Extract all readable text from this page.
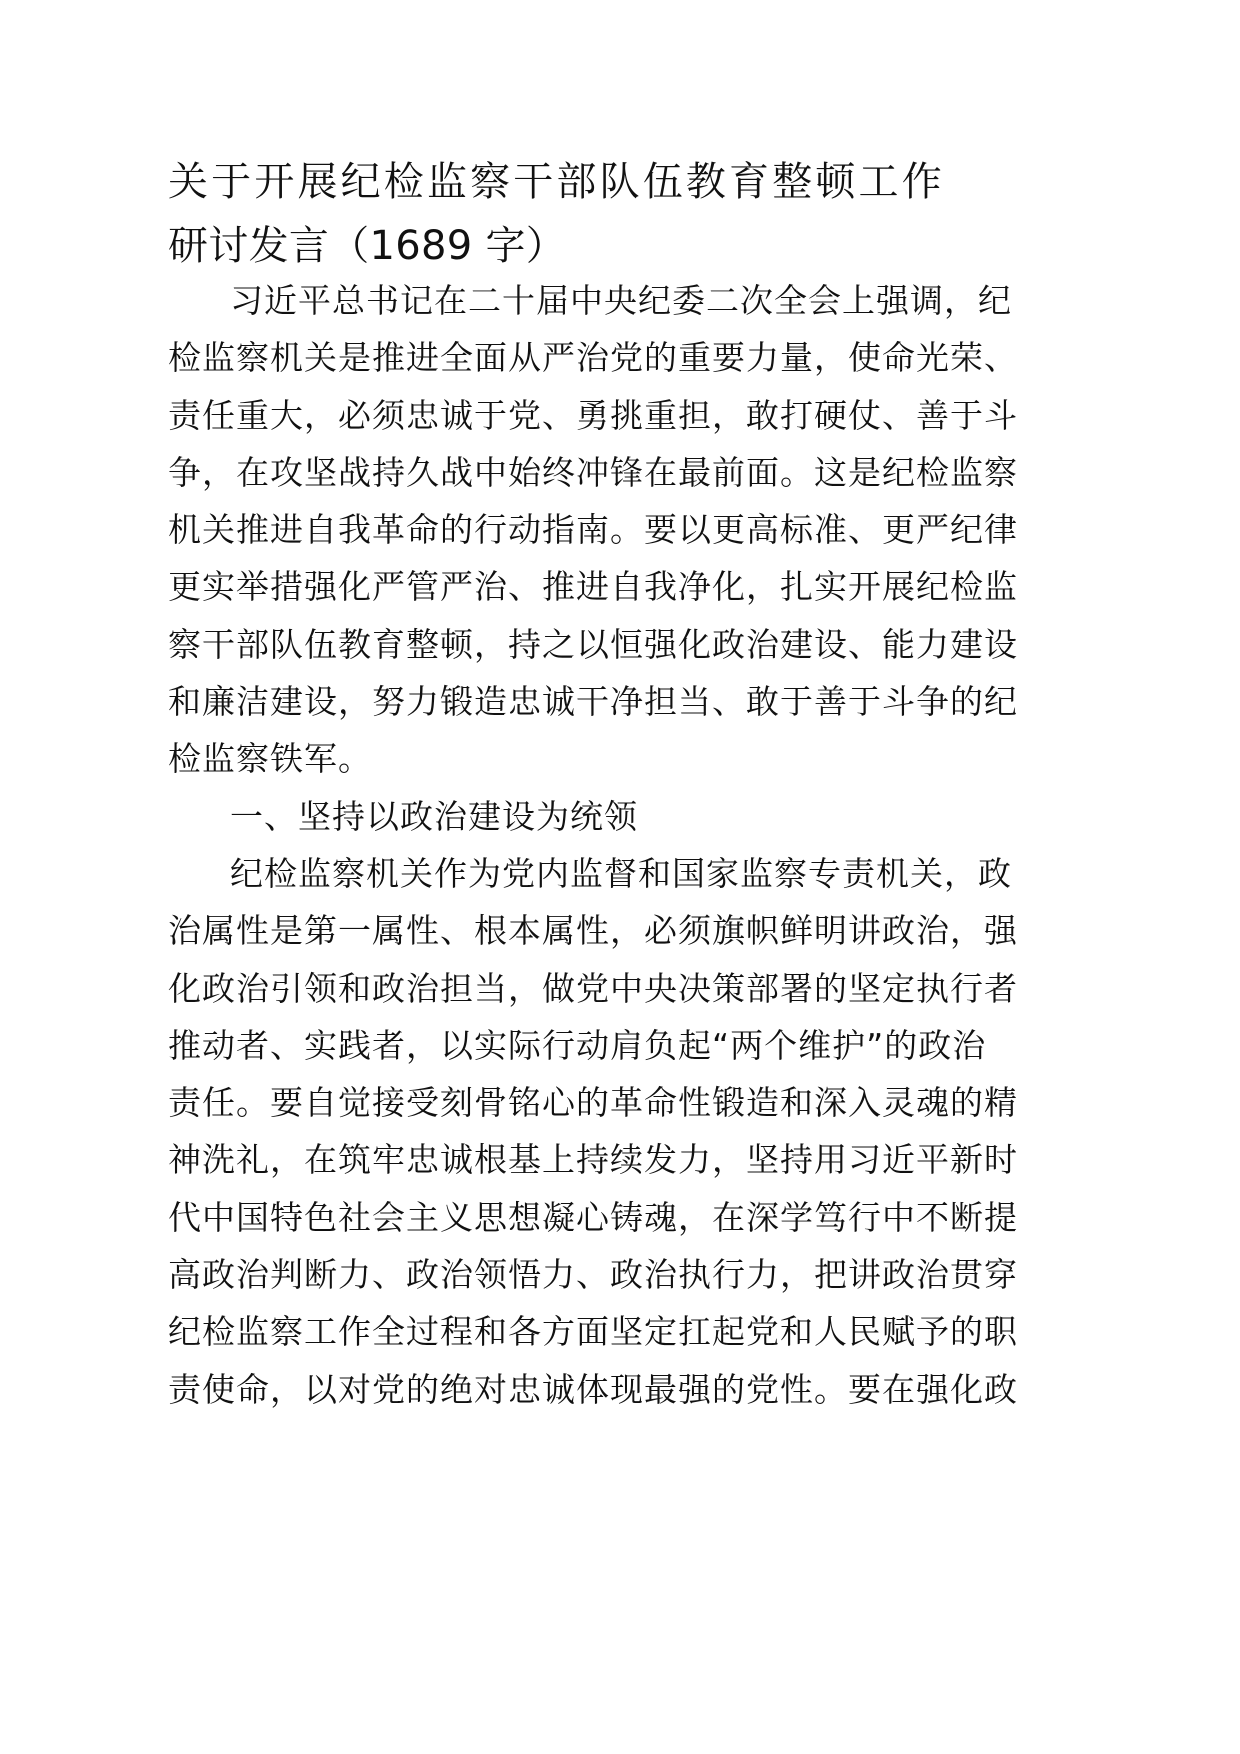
关于开展纪检监察干部队伍教育整顿工作
研讨发言（1689 字）
习近平总书记在二十届中央纪委二次全会上强调，纪
检监察机关是推进全面从严治党的重要力量，使命光荣、
责任重大，必须忠诚于党、勇挑重担，敢打硬仗、善于斗
争，在攻坚战持久战中始终冲锋在最前面。这是纪检监察
机关推进自我革命的行动指南。要以更高标准、更严纪律
更实举措强化严管严治、推进自我净化，扎实开展纪检监
察干部队伍教育整顿，持之以恒强化政治建设、能力建设
和廉洁建设，努力锻造忠诚干净担当、敢于善于斗争的纪
检监察铁军。
一、坚持以政治建设为统领
纪检监察机关作为党内监督和国家监察专责机关，政
治属性是第一属性、根本属性，必须旗帜鲜明讲政治，强
化政治引领和政治担当，做党中央决策部署的坚定执行者
推动者、实践者，以实际行动肩负起“两个维护”的政治
责任。要自觉接受刻骨铭心的革命性锻造和深入灵魂的精
神洗礼，在筑牢忠诚根基上持续发力，坚持用习近平新时
代中国特色社会主义思想凝心铸魂，在深学笃行中不断提
高政治判断力、政治领悟力、政治执行力，把讲政治贯穿
纪检监察工作全过程和各方面坚定扛起党和人民赋予的职
责使命，以对党的绝对忠诚体现最强的党性。要在强化政
